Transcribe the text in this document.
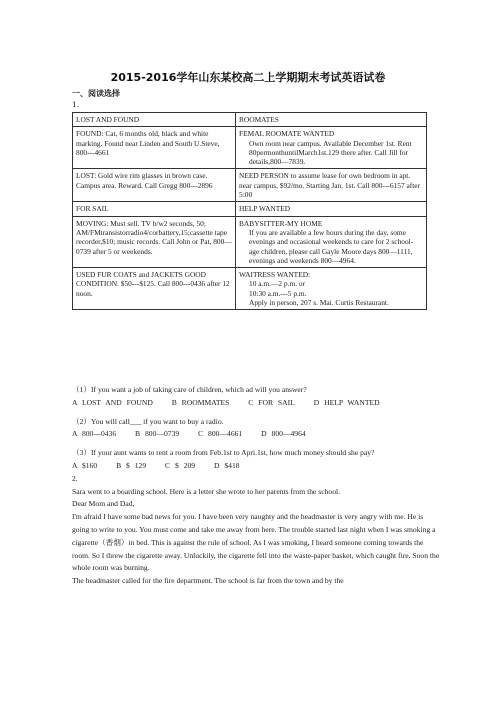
2015-2016学年山东某校高二上学期期末考试英语试卷
一、阅读选择
1.
LOST AND FOUND	ROOMATES
FOUND: Cat, 6 months old, black and white marking. Found near Linden and South U.Steve, 800---4661	FEMAL ROOMATE WANTED
Own room near campus. Available December 1st. Rent 80permonthuntilMarch1st.129 there after. Call Jill for details,800—7839.

LOST: Gold wire rim glasses in brown case. Campus area. Reward. Call Gregg 800---2896	NEED PERSON to assume lease for own bedroom in apt. near campus, $92/mo. Starting Jan. 1st. Call 800---6157 after 5:00
FOR SAIL	HELP WANTED
MOVING: Must sell. TV b/w2 seconds, 50; AM/FMtransistorradio4/corbattery,15;cassette tape recorder,$10; music records. Call John or Pat, 800—0739 after 5 or weekends.	BABYSITTER-MY HOME
If you are available a few hours during the day, some evenings and occasional weekends to care for 2 school-age children, please call Gayle Moore days 800—1111, evenings and weekends 800—4964.

USED FUR COATS and JACKETS GOOD CONDITION. $50---$125. Call 800---0436 after 12 noon.	WAITRESS WANTED:
10 a.m.—2 p.m. or
10:30 a.m.---5 p.m.
Apply in person, 207 s. Mai. Curtis Restaurant.

（1）If you want a job of taking care of children, which ad will you answer?

A LOST AND FOUND B ROOMMATES C FOR SAIL D HELP WANTED

（2）You will call___ if you want to buy a radio.

A 800---0436 B 800—0739 C 800—4661 D 800—4964

（3）If your aunt wants to rent a room from Feb.1st to Apri.1st, how much money should she pay?

A $160 B $ 129 C $ 209 D $418

2.

Sara went to a boarding school. Here is a letter she wrote to her parents from the school.

Dear Mom and Dad,

I'm afraid I have some bad news for you. I have been very naughty and the headmaster is very angry with me. He is going to write to you. You must come and take me away from here. The trouble started last night when I was smoking a cigarette（香烟）in bed. This is against the rule of school. As I was smoking, I heard someone coming towards the room. So I threw the cigarette away. Unluckily, the cigarette fell into the waste-paper basket, which caught fire. Soon the whole room was burning.

The headmaster called for the fire department. The school is far from the town and by the
